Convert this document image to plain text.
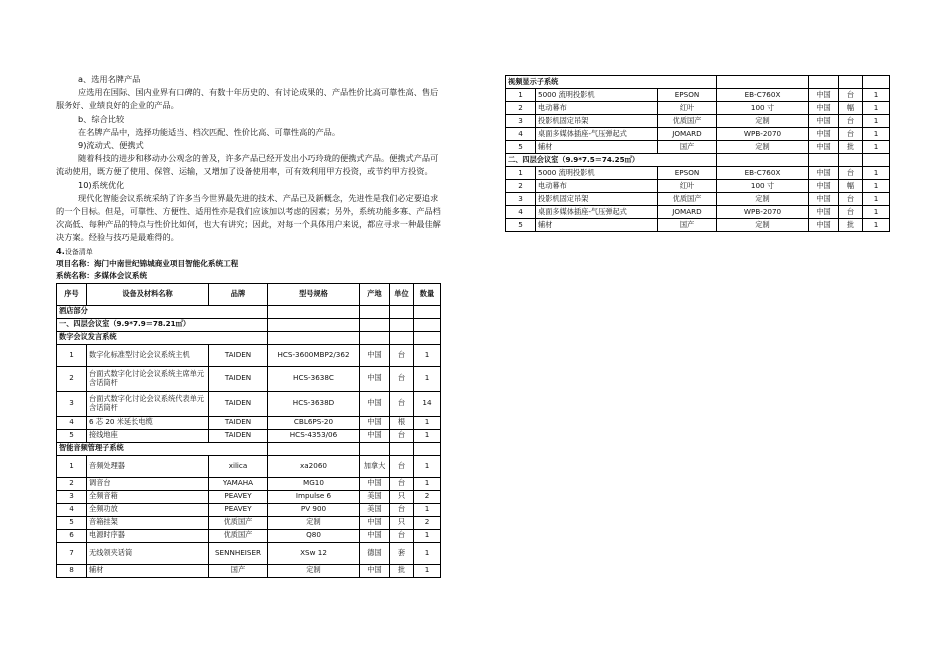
a、选用名牌产品

应选用在国际、国内业界有口碑的、有数十年历史的、有讨论成果的、产品性价比高可靠性高、售后服务好、业绩良好的企业的产品。

b、综合比较

在名牌产品中，选择功能适当、档次匹配、性价比高、可靠性高的产品。

9)流动式、便携式

随着科技的进步和移动办公观念的普及，许多产品已经开发出小巧玲珑的便携式产品。便携式产品可流动使用，既方便了使用、保管、运输，又增加了设备使用率，可有效利用甲方投资，或节约甲方投资。

10)系统优化

现代化智能会议系统采纳了许多当今世界最先进的技术、产品已及新概念，先进性是我们必定要追求的一个目标。但是，可靠性、方便性、适用性亦是我们应该加以考虑的因素；另外，系统功能多寡、产品档次高低、每种产品的特点与性价比如何，也大有讲究；因此，对每一个具体用户来说，都应寻求一种最佳解决方案。经验与技巧是最难得的。

4.设备清单

项目名称：海门中南世纪锦城商业项目智能化系统工程

系统名称：多媒体会议系统

序号	设备及材料名称	品牌	型号规格	产地	单位	数量
酒店部分						
一、四层会议室（9.9*7.9＝78.21㎡）						
数字会议发言系统						
1	数字化标准型讨论会议系统主机	TAIDEN	HCS-3600MBP2/362	中国	台	1
2	台面式数字化讨论会议系统主席单元 含话筒杆	TAIDEN	HCS-3638C	中国	台	1
3	台面式数字化讨论会议系统代表单元 含话筒杆	TAIDEN	HCS-3638D	中国	台	14
4	6 芯 20 米延长电缆	TAIDEN	CBL6PS-20	中国	根	1
5	接线地座	TAIDEN	HCS-4353/06	中国	台	1
智能音频管理子系统						
1	音频处理器	xilica	xa2060	加拿大	台	1
2	调音台	YAMAHA	MG10	中国	台	1
3	全频音箱	PEAVEY	Impulse 6	美国	只	2
4	全频功放	PEAVEY	PV 900	美国	台	1
5	音箱挂架	优质国产	定制	中国	只	2
6	电源时序器	优质国产	Q80	中国	台	1
7	无线领夹话筒	SENNHEISER	XSw 12	德国	套	1
8	辅材	国产	定制	中国	批	1
视频显示子系统						
1	5000 流明投影机	EPSON	EB-C760X	中国	台	1
2	电动幕布	红叶	100 寸	中国	幅	1
3	投影机固定吊架	优质国产	定制	中国	台	1
4	桌面多媒体插座-气压弹起式	JOMARD	WPB-2070	中国	台	1
5	辅材	国产	定制	中国	批	1
二、四层会议室（9.9*7.5＝74.25㎡）						
1	5000 流明投影机	EPSON	EB-C760X	中国	台	1
2	电动幕布	红叶	100 寸	中国	幅	1
3	投影机固定吊架	优质国产	定制	中国	台	1
4	桌面多媒体插座-气压弹起式	JOMARD	WPB-2070	中国	台	1
5	辅材	国产	定制	中国	批	1
